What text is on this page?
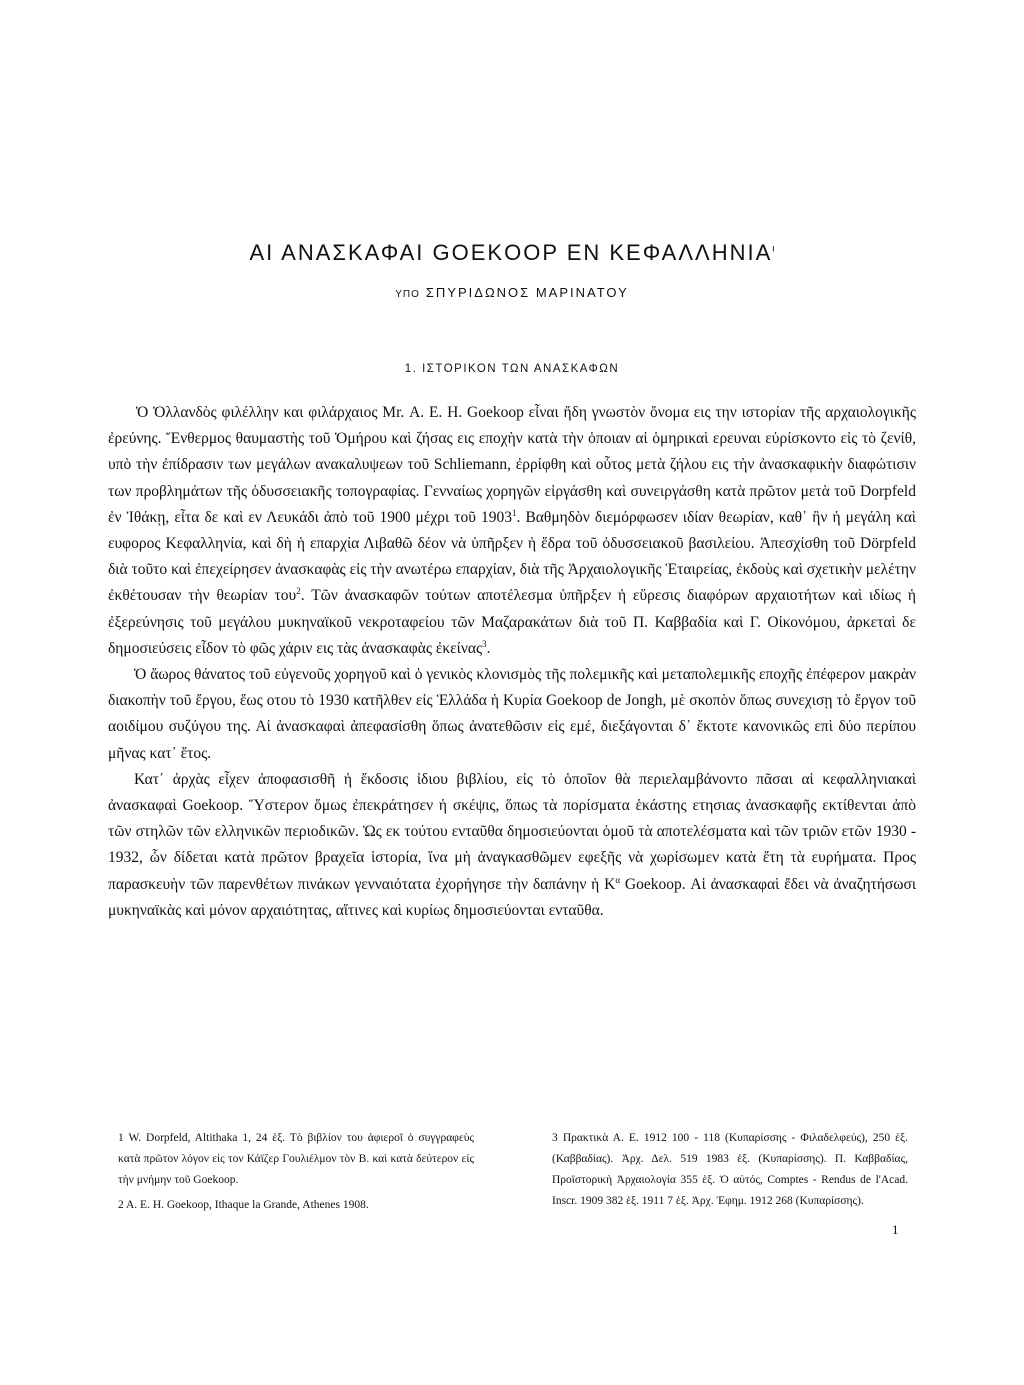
ΑΙ ΑΝΑΣΚΑΦΑΙ GOEKOOP ΕΝ $KE\Phi A\Lambda\Lambda HNIA^\iota$

ΥΠΟ ΣΠΥΡΙΔΩΝΟΣ ΜΑΡΙΝΑΤΟΥ

1. ΙΣΤΟΡΙΚΟΝ ΤΩΝ ΑΝΑΣΚΑΦΩΝ

Ὁ Ὁλλανδὸς φιλέλλην και φιλάρχαιος Mr. Α. Ε. Η. Goekoop εἶναι ἤδη γνωστὸν ὄνομα εις την ιστορίαν τῆς αρχαιολογικῆς ἐρεύνης. Ἔνθερμος θαυμαστὴς τοῦ Ὁμήρου καὶ ζήσας εις εποχὴν κατὰ τὴν ὁποιαν αἱ ὁμηρικαὶ ερευναι εὑρίσκοντο εἰς τὸ ζενίθ, υπὸ τὴν ἐπίδρασιν των μεγάλων ανακαλυψεων τοῦ Schliemann, ἐρρίφθη καὶ οὗτος μετὰ ζήλου εις τὴν ἀνασκαφικὴν διαφώτισιν των προβλημάτων τῆς ὀδυσσειακῆς τοπογραφίας. Γενναίως χορηγῶν εἰργάσθη καὶ συνειργάσθη κατὰ πρῶτον μετὰ τοῦ Dorpfeld ἐν Ἰθάκῃ, εἶτα δε καὶ εν Λευκάδι ἀπὸ τοῦ 1900 μέχρι τοῦ 1903$^1$. Βαθμηδὸν διεμόρφωσεν ιδίαν θεωρίαν, καθ᾿ ἣν ἡ μεγάλη καὶ ευφορος Κεφαλληνία, καὶ δὴ ἡ επαρχία Λιβαθῶ δέον νὰ ὑπῆρξεν ἡ ἕδρα τοῦ ὀδυσσειακοῦ βασιλείου. Ἀπεσχίσθη τοῦ Dörpfeld διὰ τοῦτο καὶ ἐπεχείρησεν ἀνασκαφὰς εἰς τὴν ανωτέρω επαρχίαν, διὰ τῆς Ἀρχαιολογικῆς Ἑταιρείας, ἐκδοὺς καὶ σχετικὴν μελέτην ἐκθέτουσαν τὴν θεωρίαν του$^2$. Τῶν ἀνασκαφῶν τούτων αποτέλεσμα ὑπῆρξεν ἡ εὕρεσις διαφόρων αρχαιοτήτων καὶ ιδίως ἡ ἐξερεύνησις τοῦ μεγάλου μυκηναϊκοῦ νεκροταφείου τῶν Μαζαρακάτων διὰ τοῦ Π. Καββαδία καὶ Γ. Οἰκονόμου, ἀρκεταὶ δε δημοσιεύσεις εἶδον τὸ φῶς χάριν εις τὰς ἀνασκαφὰς ἐκείνας$^3$.

Ὁ ἄωρος θάνατος τοῦ εὐγενοῦς χορηγοῦ καὶ ὁ γενικὸς κλονισμὸς τῆς πολεμικῆς καὶ μεταπολεμικῆς εποχῆς ἐπέφερον μακρὰν διακοπὴν τοῦ ἔργου, ἕως οτου τὸ 1930 κατῆλθεν εἰς Ἑλλάδα ἡ Κυρία Goekoop de Jongh, μὲ σκοπὸν ὅπως συνεχισῃ τὸ ἔργον τοῦ αοιδίμου συζύγου της. Αἱ ἀνασκαφαὶ ἀπεφασίσθη ὅπως ἀνατεθῶσιν εἰς εμέ, διεξάγονται δ᾿ ἔκτοτε κανονικῶς επὶ δύο περίπου μῆνας κατ᾿ ἔτος.

Κατ᾿ ἀρχὰς εἶχεν ἀποφασισθῆ ἡ ἔκδοσις ἰδιου βιβλίου, εἰς τὸ ὁποῖον θὰ περιελαμβάνοντο πᾶσαι αἱ κεφαλληνιακαὶ ἀνασκαφαὶ Goekoop. Ὕστερον ὅμως ἐπεκράτησεν ἡ σκέψις, ὅπως τὰ πορίσματα ἑκάστης ετησιας ἀνασκαφῆς εκτίθενται ἀπὸ τῶν στηλῶν τῶν ελληνικῶν περιοδικῶν. Ὡς εκ τούτου ενταῦθα δημοσιεύονται ὁμοῦ τὰ αποτελέσματα καὶ τῶν τριῶν ετῶν 1930 - 1932, ὧν δίδεται κατὰ πρῶτον βραχεῖα ἱστορία, ἵνα μὴ ἀναγκασθῶμεν εφεξῆς νὰ χωρίσωμεν κατὰ ἔτη τὰ ευρήματα. Προς παρασκευὴν τῶν παρενθέτων πινάκων γενναιότατα ἐχορήγησε τὴν δαπάνην ἡ $K^\alpha$ Goekoop. Αἱ ἀνασκαφαὶ ἔδει νὰ ἀναζητήσωσι μυκηναϊκὰς καὶ μόνον αρχαιότητας, αἵτινες καὶ κυρίως δημοσιεύονται ενταῦθα.

1 W. Dorpfeld, Altithaka 1, 24 ἑξ. Τὸ βιβλίον του ἀφιεροῖ ὁ συγγραφεὺς κατὰ πρῶτον λόγον εἰς τον Κάϊζερ Γουλιέλμον τὸν Β. καὶ κατὰ δεύτερον εἰς τὴν μνήμην τοῦ Goekoop.

2 A. E. H. Goekoop, Ithaque la Grande, Athenes 1908.

3 Πρακτικὰ Α. Ε. 1912 100 - 118 (Κυπαρίσσης - Φιλαδελφεύς), 250 ἑξ. (Καββαδίας). Ἀρχ. Δελ. 519 1983 ἑξ. (Κυπαρίσσης). Π. Καββαδίας, Προϊστορικὴ Ἀρχαιολογία 355 ἑξ. Ὁ αὐτός, Comptes - Rendus de l'Acad. Inscr. 1909 382 ἑξ. 1911 7 ἑξ. Ἀρχ. Ἐφημ. 1912 268 (Κυπαρίσσης).

1
